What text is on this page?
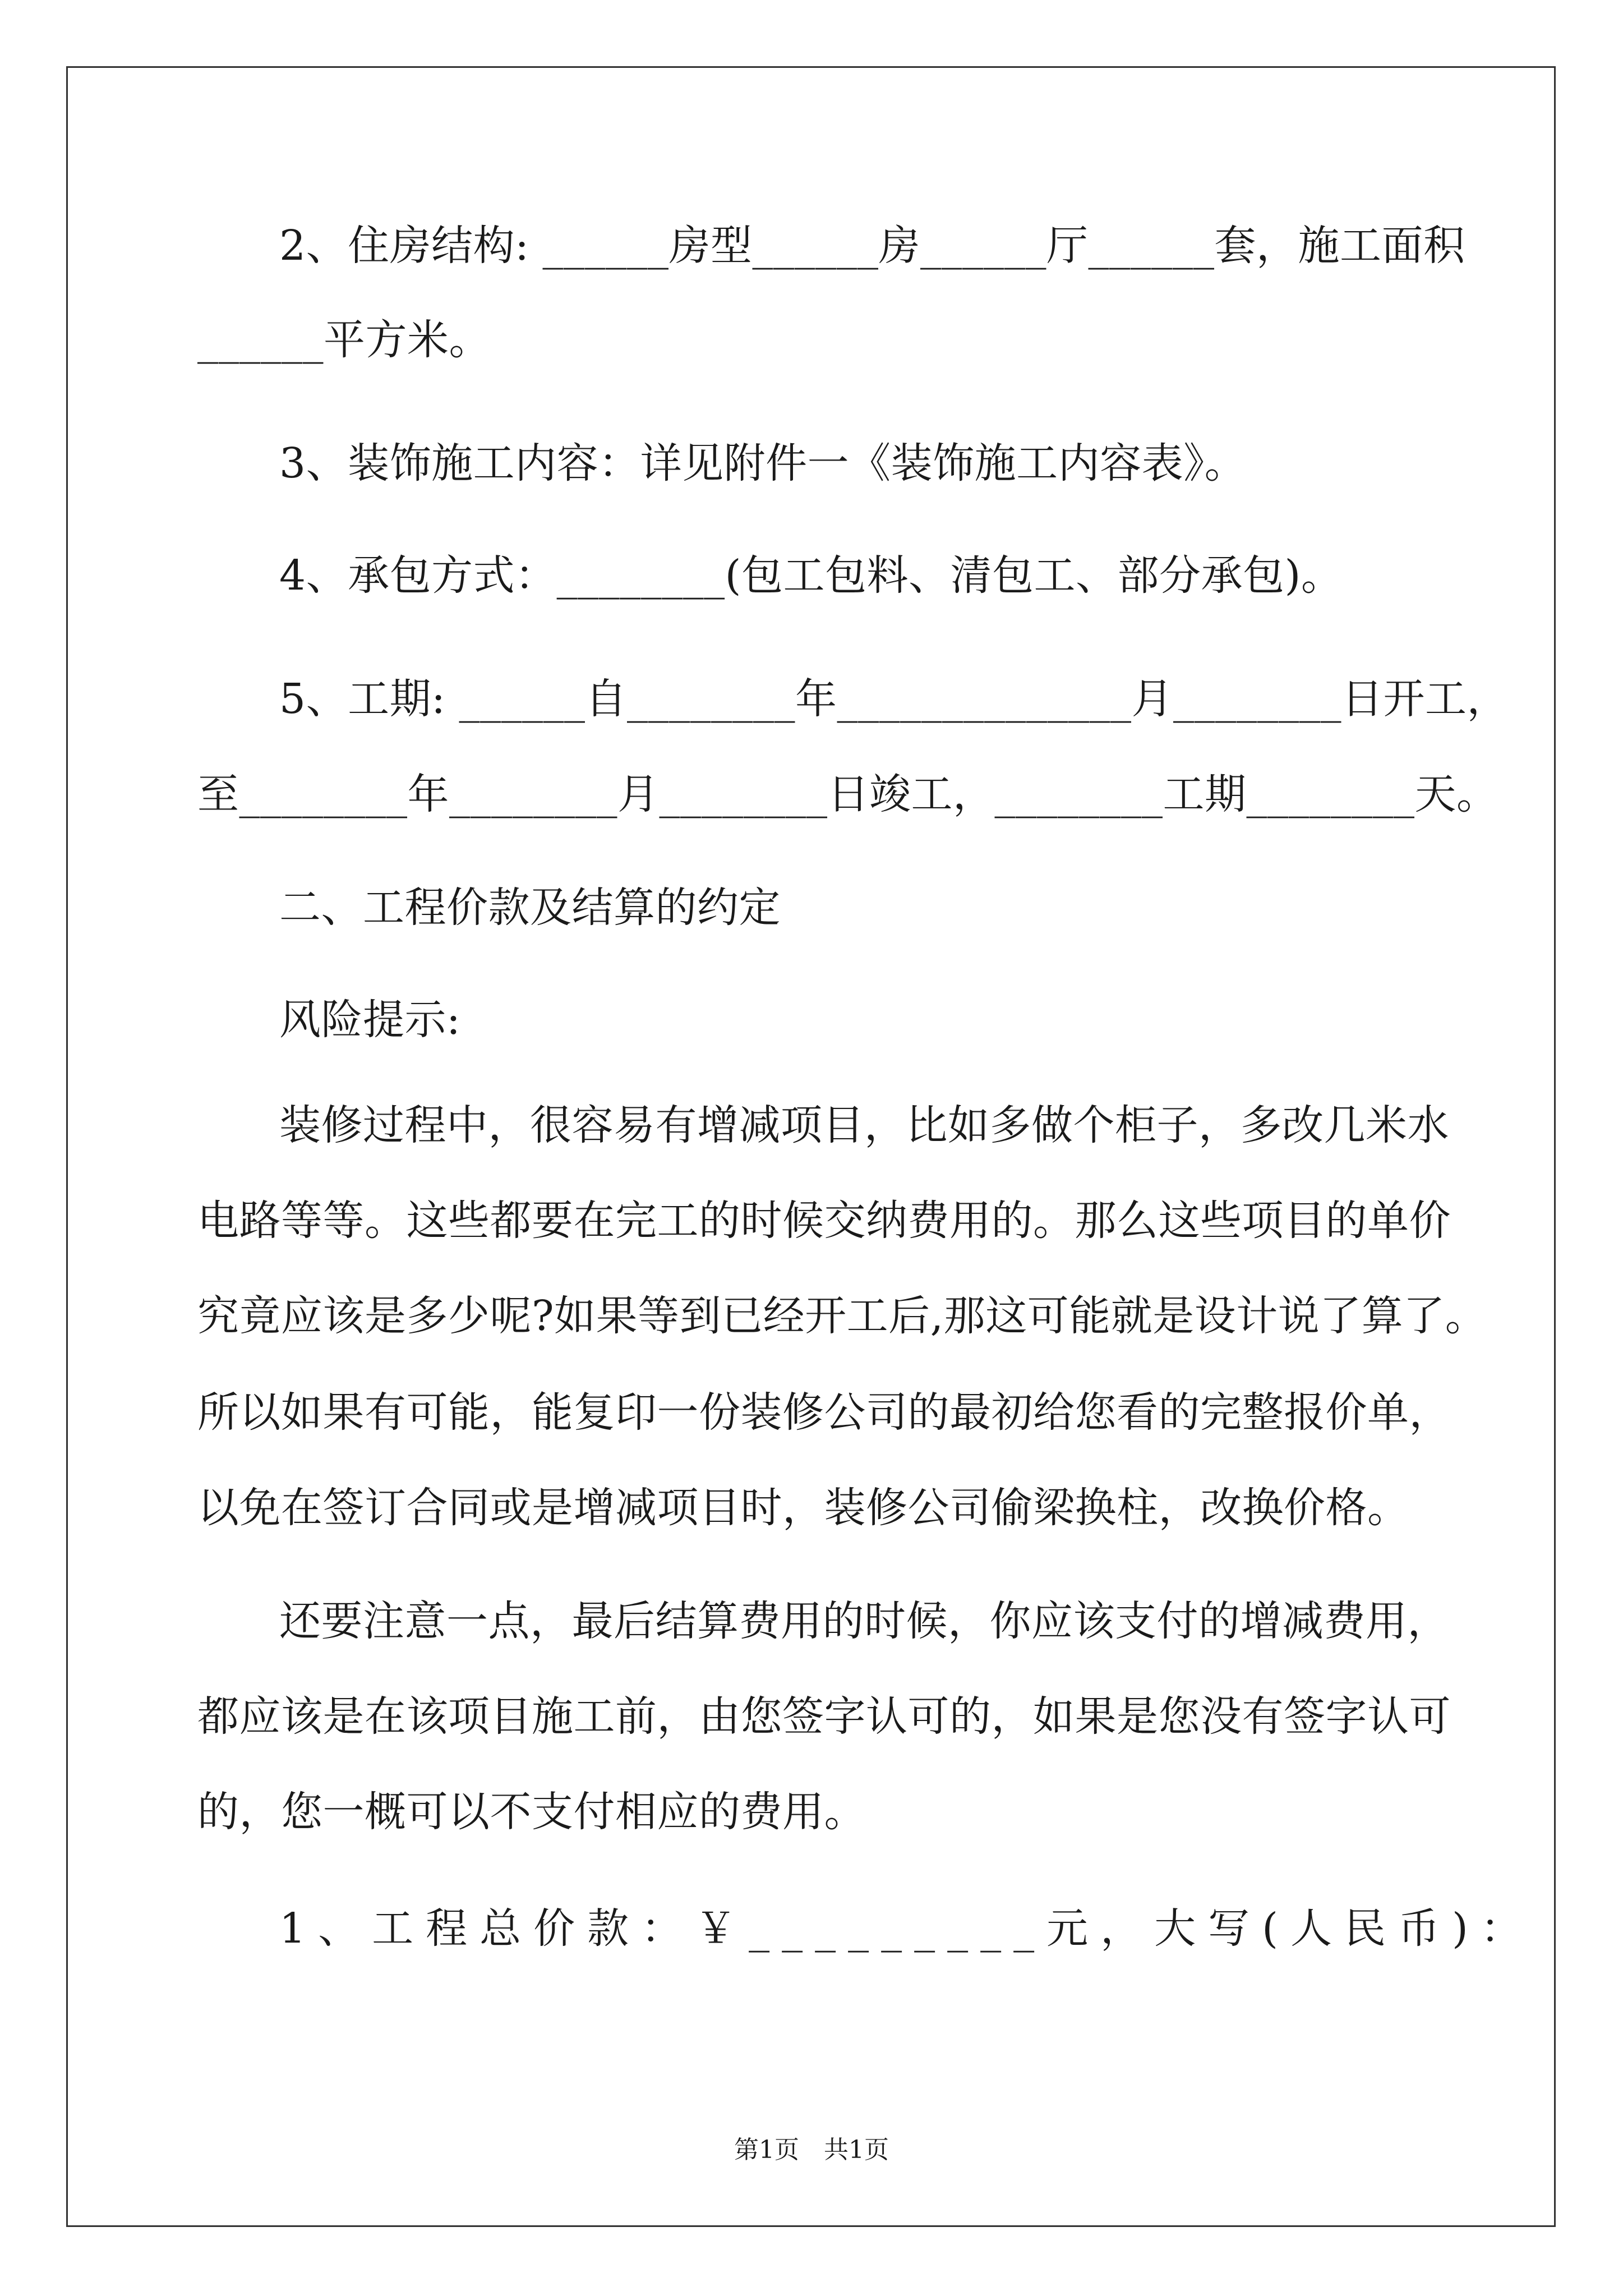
2、住房结构: ______房型______房______厅______套，施工面积
______平方米。
3、装饰施工内容：详见附件一《装饰施工内容表》。
4、承包方式：________(包工包料、清包工、部分承包)。
5、工期: ______自________年______________月________日开工，
至________年________月________日竣工，________工期________天。
二、工程价款及结算的约定
风险提示:
装修过程中，很容易有增减项目，比如多做个柜子，多改几米水
电路等等。这些都要在完工的时候交纳费用的。那么这些项目的单价
究竟应该是多少呢?如果等到已经开工后,那这可能就是设计说了算了。
所以如果有可能，能复印一份装修公司的最初给您看的完整报价单，
以免在签订合同或是增减项目时，装修公司偷梁换柱，改换价格。
还要注意一点，最后结算费用的时候，你应该支付的增减费用，
都应该是在该项目施工前，由您签字认可的，如果是您没有签字认可
的，您一概可以不支付相应的费用。
1、工程总价款：￥_________元，大写(人民币)：
第1页　共1页
